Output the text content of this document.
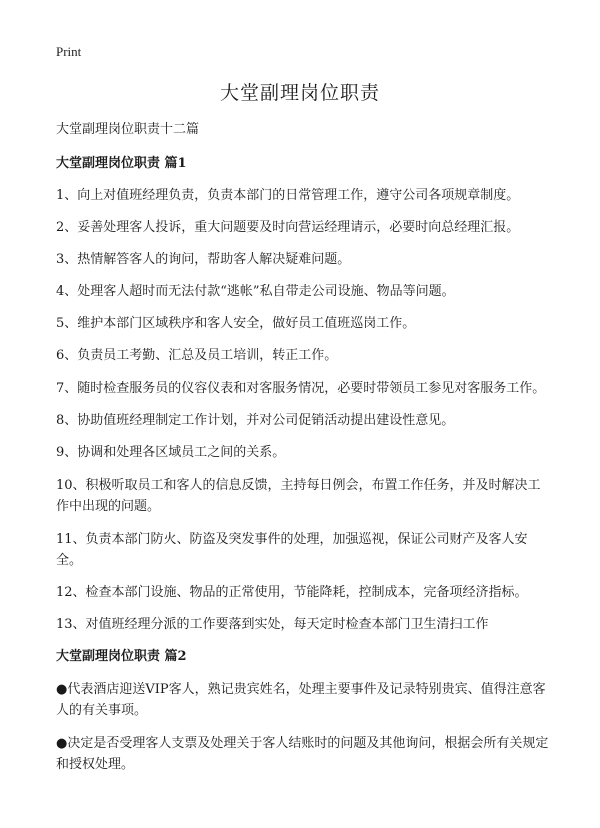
Print
大堂副理岗位职责

大堂副理岗位职责十二篇

大堂副理岗位职责 篇1

1、向上对值班经理负责，负责本部门的日常管理工作，遵守公司各项规章制度。

2、妥善处理客人投诉，重大问题要及时向营运经理请示，必要时向总经理汇报。

3、热情解答客人的询问，帮助客人解决疑难问题。

4、处理客人超时而无法付款“逃帐”私自带走公司设施、物品等问题。

5、维护本部门区域秩序和客人安全，做好员工值班巡岗工作。

6、负责员工考勤、汇总及员工培训，转正工作。

7、随时检查服务员的仪容仪表和对客服务情况，必要时带领员工参见对客服务工作。

8、协助值班经理制定工作计划，并对公司促销活动提出建设性意见。

9、协调和处理各区域员工之间的关系。

10、积极听取员工和客人的信息反馈，主持每日例会，布置工作任务，并及时解决工作中出现的问题。

11、负责本部门防火、防盗及突发事件的处理，加强巡视，保证公司财产及客人安全。

12、检查本部门设施、物品的正常使用，节能降耗，控制成本，完备项经济指标。

13、对值班经理分派的工作要落到实处，每天定时检查本部门卫生清扫工作

大堂副理岗位职责 篇2

●代表酒店迎送VIP客人，熟记贵宾姓名，处理主要事件及记录特别贵宾、值得注意客人的有关事项。

●决定是否受理客人支票及处理关于客人结账时的问题及其他询问，根据会所有关规定和授权处理。
